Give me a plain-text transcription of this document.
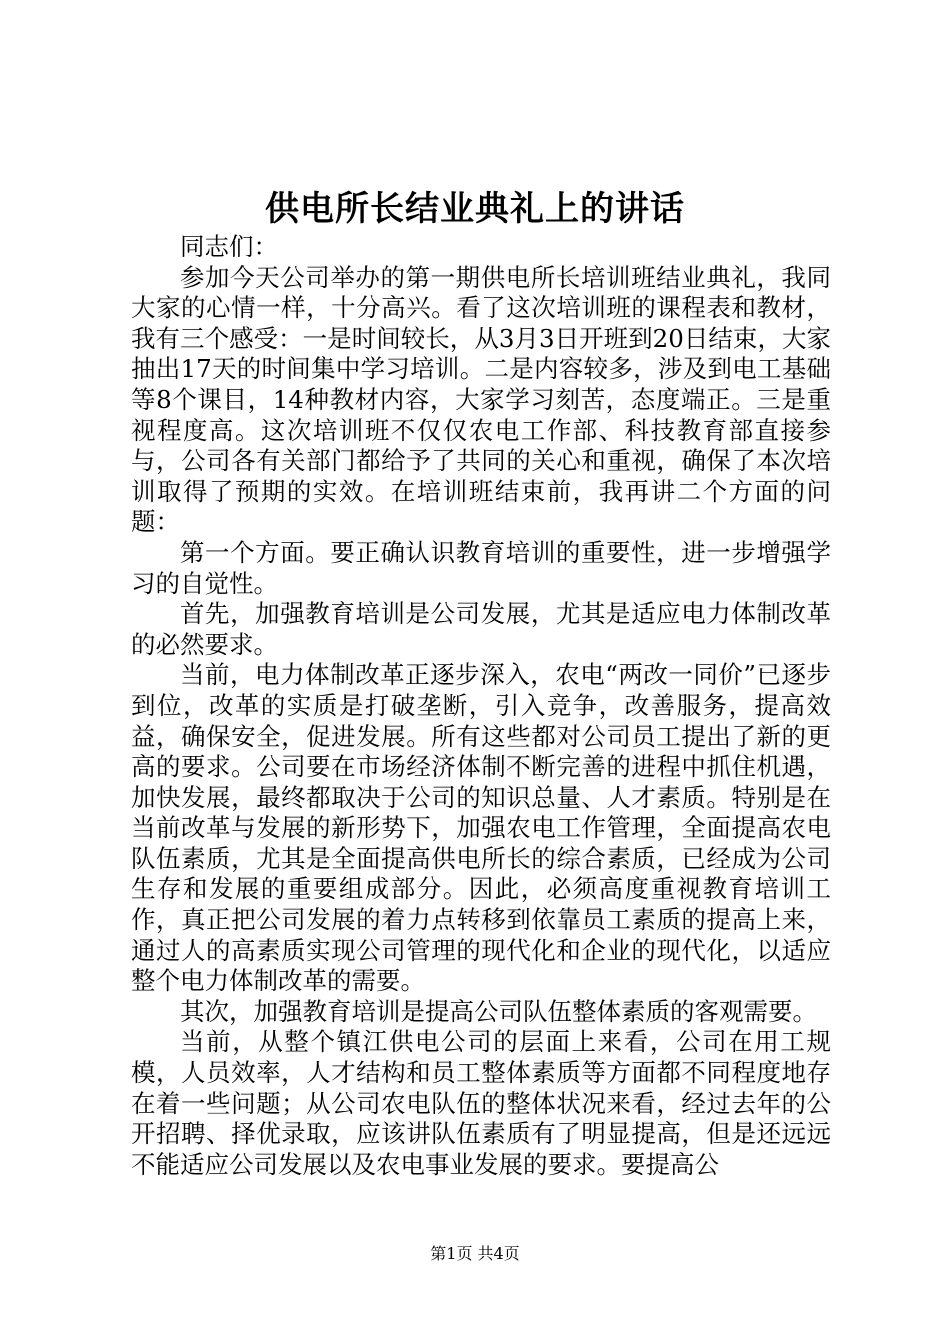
供电所长结业典礼上的讲话

同志们：

参加今天公司举办的第一期供电所长培训班结业典礼，我同大家的心情一样，十分高兴。看了这次培训班的课程表和教材，我有三个感受：一是时间较长，从3月3日开班到20日结束，大家抽出17天的时间集中学习培训。二是内容较多，涉及到电工基础等8个课目，14种教材内容，大家学习刻苦，态度端正。三是重视程度高。这次培训班不仅仅农电工作部、科技教育部直接参与，公司各有关部门都给予了共同的关心和重视，确保了本次培训取得了预期的实效。在培训班结束前，我再讲二个方面的问题：

第一个方面。要正确认识教育培训的重要性，进一步增强学习的自觉性。

首先，加强教育培训是公司发展，尤其是适应电力体制改革的必然要求。

当前，电力体制改革正逐步深入，农电“两改一同价”已逐步到位，改革的实质是打破垄断，引入竞争，改善服务，提高效益，确保安全，促进发展。所有这些都对公司员工提出了新的更高的要求。公司要在市场经济体制不断完善的进程中抓住机遇，加快发展，最终都取决于公司的知识总量、人才素质。特别是在当前改革与发展的新形势下，加强农电工作管理，全面提高农电队伍素质，尤其是全面提高供电所长的综合素质，已经成为公司生存和发展的重要组成部分。因此，必须高度重视教育培训工作，真正把公司发展的着力点转移到依靠员工素质的提高上来，通过人的高素质实现公司管理的现代化和企业的现代化，以适应整个电力体制改革的需要。

其次，加强教育培训是提高公司队伍整体素质的客观需要。

当前，从整个镇江供电公司的层面上来看，公司在用工规模，人员效率，人才结构和员工整体素质等方面都不同程度地存在着一些问题；从公司农电队伍的整体状况来看，经过去年的公开招聘、择优录取，应该讲队伍素质有了明显提高，但是还远远不能适应公司发展以及农电事业发展的要求。要提高公

第1页 共4页
